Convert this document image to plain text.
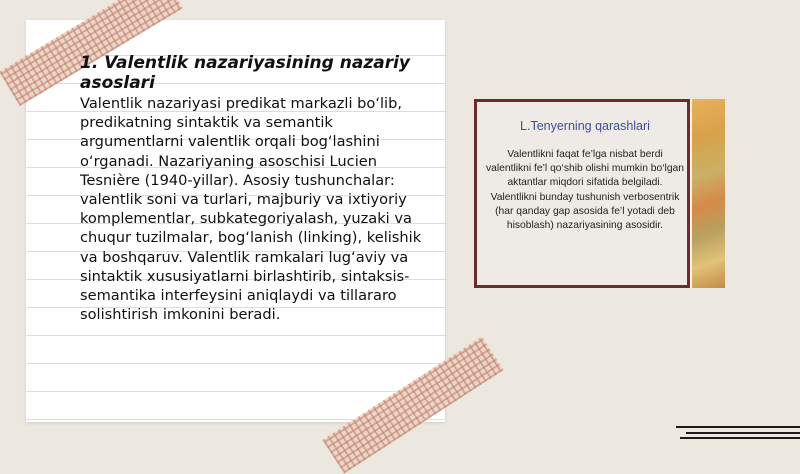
1. Valentlik nazariyasining nazariy asoslari

Valentlik nazariyasi predikat markazli bo‘lib, predikatning sintaktik va semantik argumentlarni valentlik orqali bog‘lashini o‘rganadi. Nazariyaning asoschisi Lucien Tesnière (1940-yillar). Asosiy tushunchalar: valentlik soni va turlari, majburiy va ixtiyoriy komplementlar, subkategoriyalash, yuzaki va chuqur tuzilmalar, bog‘lanish (linking), kelishik va boshqaruv. Valentlik ramkalari lug‘aviy va sintaktik xususiyatlarni birlashtirib, sintaksis-semantika interfeysini aniqlaydi va tillararo solishtirish imkonini beradi.

L.Tenyerning qarashlari

Valentlikni faqat fe’lga nisbat berdi valentlikni fe’l qo‘shib olishi mumkin bo‘lgan aktantlar miqdori sifatida belgiladi. Valentlikni bunday tushunish verbosentrik (har qanday gap asosida fe’l yotadi deb hisoblash) nazariyasining asosidir.
